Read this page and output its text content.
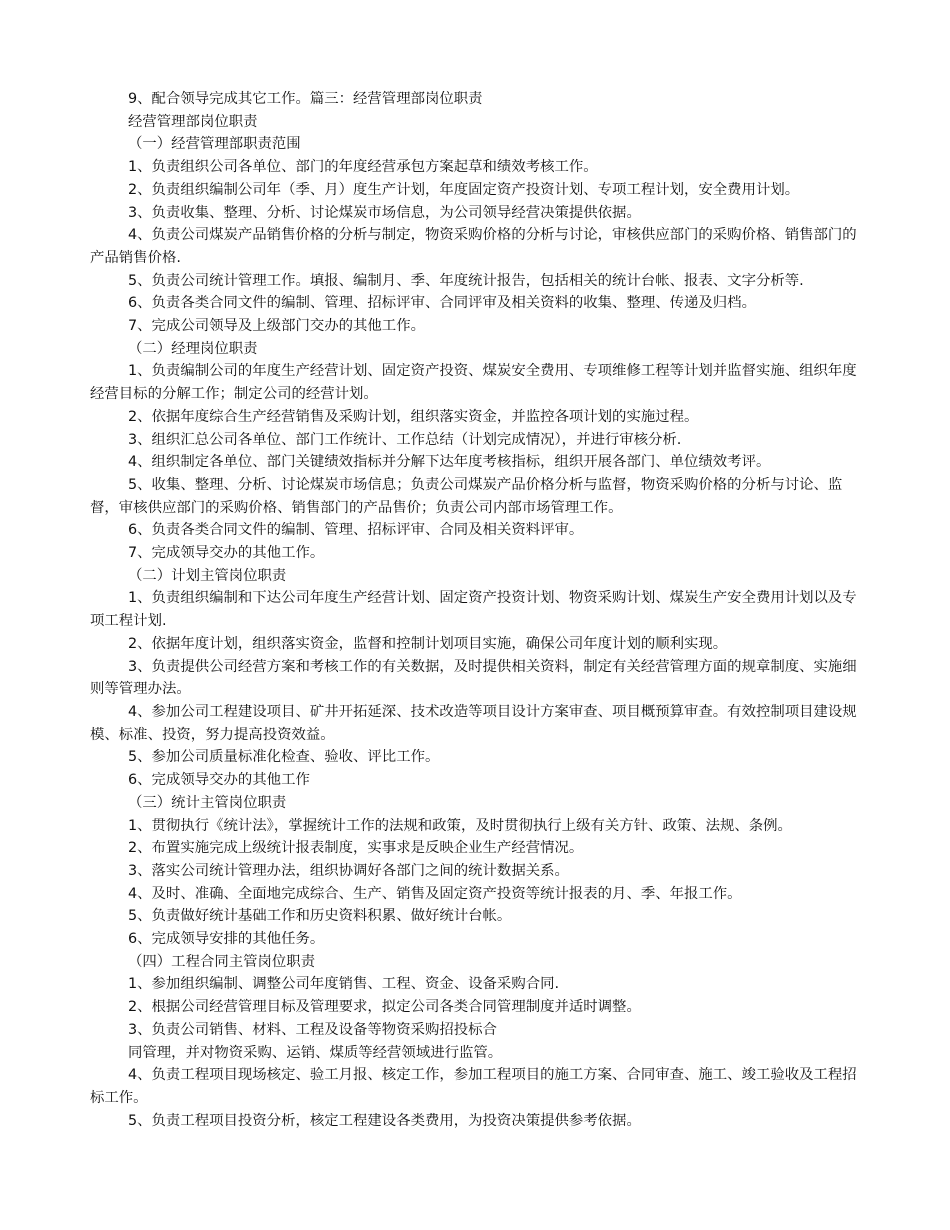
9、配合领导完成其它工作。篇三：经营管理部岗位职责

经营管理部岗位职责

（一）经营管理部职责范围

1、负责组织公司各单位、部门的年度经营承包方案起草和绩效考核工作。

2、负责组织编制公司年（季、月）度生产计划，年度固定资产投资计划、专项工程计划，安全费用计划。

3、负责收集、整理、分析、讨论煤炭市场信息，为公司领导经营决策提供依据。

4、负责公司煤炭产品销售价格的分析与制定，物资采购价格的分析与讨论，审核供应部门的采购价格、销售部门的产品销售价格.

5、负责公司统计管理工作。填报、编制月、季、年度统计报告，包括相关的统计台帐、报表、文字分析等.

6、负责各类合同文件的编制、管理、招标评审、合同评审及相关资料的收集、整理、传递及归档。

7、完成公司领导及上级部门交办的其他工作。

（二）经理岗位职责

1、负责编制公司的年度生产经营计划、固定资产投资、煤炭安全费用、专项维修工程等计划并监督实施、组织年度经营目标的分解工作；制定公司的经营计划。

2、依据年度综合生产经营销售及采购计划，组织落实资金，并监控各项计划的实施过程。

3、组织汇总公司各单位、部门工作统计、工作总结（计划完成情况），并进行审核分析.

4、组织制定各单位、部门关键绩效指标并分解下达年度考核指标，组织开展各部门、单位绩效考评。

5、收集、整理、分析、讨论煤炭市场信息；负责公司煤炭产品价格分析与监督，物资采购价格的分析与讨论、监督，审核供应部门的采购价格、销售部门的产品售价；负责公司内部市场管理工作。

6、负责各类合同文件的编制、管理、招标评审、合同及相关资料评审。

7、完成领导交办的其他工作。

（二）计划主管岗位职责

1、负责组织编制和下达公司年度生产经营计划、固定资产投资计划、物资采购计划、煤炭生产安全费用计划以及专项工程计划.

2、依据年度计划，组织落实资金，监督和控制计划项目实施，确保公司年度计划的顺利实现。

3、负责提供公司经营方案和考核工作的有关数据，及时提供相关资料，制定有关经营管理方面的规章制度、实施细则等管理办法。

4、参加公司工程建设项目、矿井开拓延深、技术改造等项目设计方案审查、项目概预算审查。有效控制项目建设规模、标准、投资，努力提高投资效益。

5、参加公司质量标准化检查、验收、评比工作。

6、完成领导交办的其他工作

（三）统计主管岗位职责

1、贯彻执行《统计法》，掌握统计工作的法规和政策，及时贯彻执行上级有关方针、政策、法规、条例。

2、布置实施完成上级统计报表制度，实事求是反映企业生产经营情况。

3、落实公司统计管理办法，组织协调好各部门之间的统计数据关系。

4、及时、准确、全面地完成综合、生产、销售及固定资产投资等统计报表的月、季、年报工作。

5、负责做好统计基础工作和历史资料积累、做好统计台帐。

6、完成领导安排的其他任务。

（四）工程合同主管岗位职责

1、参加组织编制、调整公司年度销售、工程、资金、设备采购合同.

2、根据公司经营管理目标及管理要求，拟定公司各类合同管理制度并适时调整。

3、负责公司销售、材料、工程及设备等物资采购招投标合

同管理，并对物资采购、运销、煤质等经营领域进行监管。

4、负责工程项目现场核定、验工月报、核定工作，参加工程项目的施工方案、合同审查、施工、竣工验收及工程招标工作。

5、负责工程项目投资分析，核定工程建设各类费用，为投资决策提供参考依据。
